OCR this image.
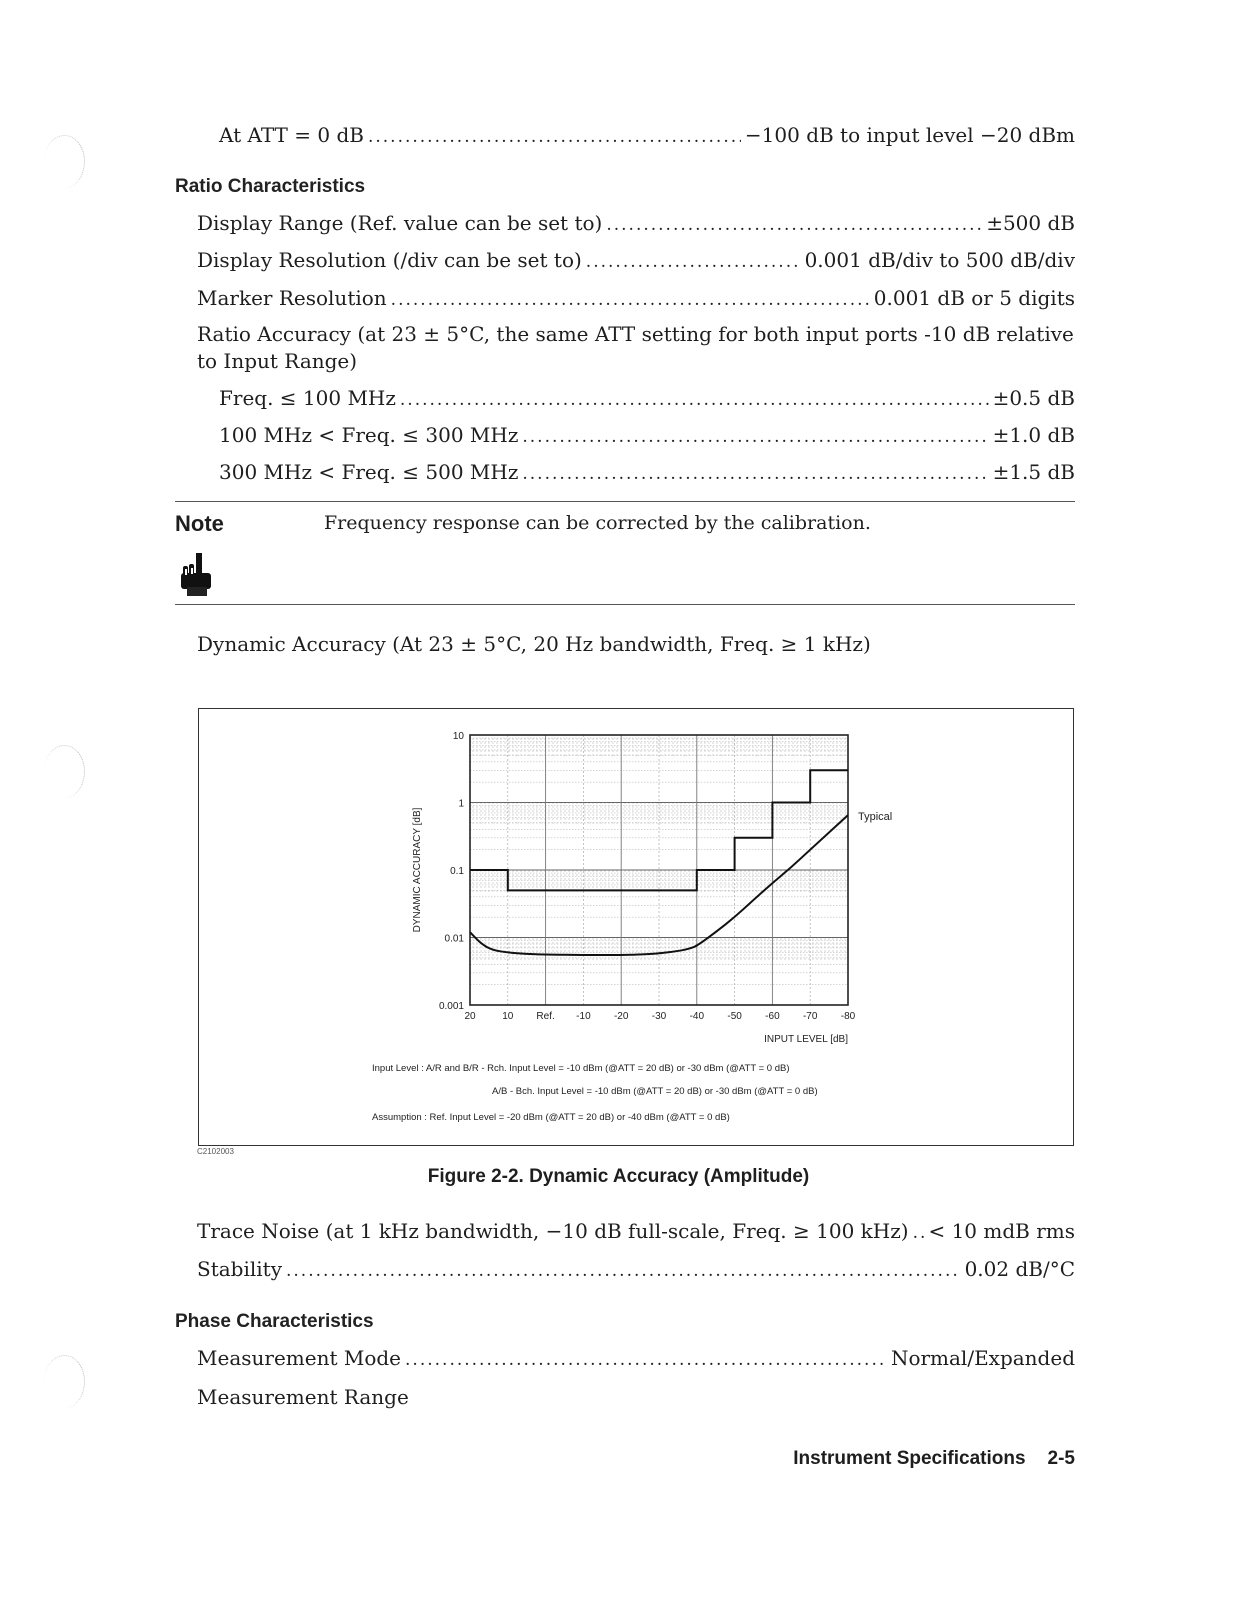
At ATT = 0 dB .....	−100 dB to input level −20 dBm
Ratio Characteristics
Display Range (Ref. value can be set to) .....	±500 dB
Display Resolution (/div can be set to) .....	0.001 dB/div to 500 dB/div
Marker Resolution .....	0.001 dB or 5 digits
Ratio Accuracy (at 23 ± 5°C, the same ATT setting for both input ports -10 dB relative to Input Range)
Freq. ≤ 100 MHz .....	±0.5 dB
100 MHz < Freq. ≤ 300 MHz .....	±1.0 dB
300 MHz < Freq. ≤ 500 MHz .....	±1.5 dB
Note	Frequency response can be corrected by the calibration.
Dynamic Accuracy (At 23 ± 5°C, 20 Hz bandwidth, Freq. ≥ 1 kHz)
Typical
10
1
0.1
0.01
0.001
20	10 Ref. -10 -20 -30 -40 -50 -60 -70 -80
INPUT LEVEL [dB]
DYNAMIC ACCURACY [dB]
Input Level : A/R and B/R - Rch. Input Level = -10 dBm (@ATT = 20 dB) or -30 dBm (@ATT = 0 dB)
A/B - Bch. Input Level = -10 dBm (@ATT = 20 dB) or -30 dBm (@ATT = 0 dB)
Assumption : Ref. Input Level = -20 dBm (@ATT = 20 dB) or -40 dBm (@ATT = 0 dB)
C2102003
Figure 2-2. Dynamic Accuracy (Amplitude)
Trace Noise (at 1 kHz bandwidth, −10 dB full-scale, Freq. ≥ 100 kHz) ..... < 10 mdB rms
Stability .....	0.02 dB/°C
Phase Characteristics
Measurement Mode .....	Normal/Expanded
Measurement Range
Instrument Specifications 2-5
